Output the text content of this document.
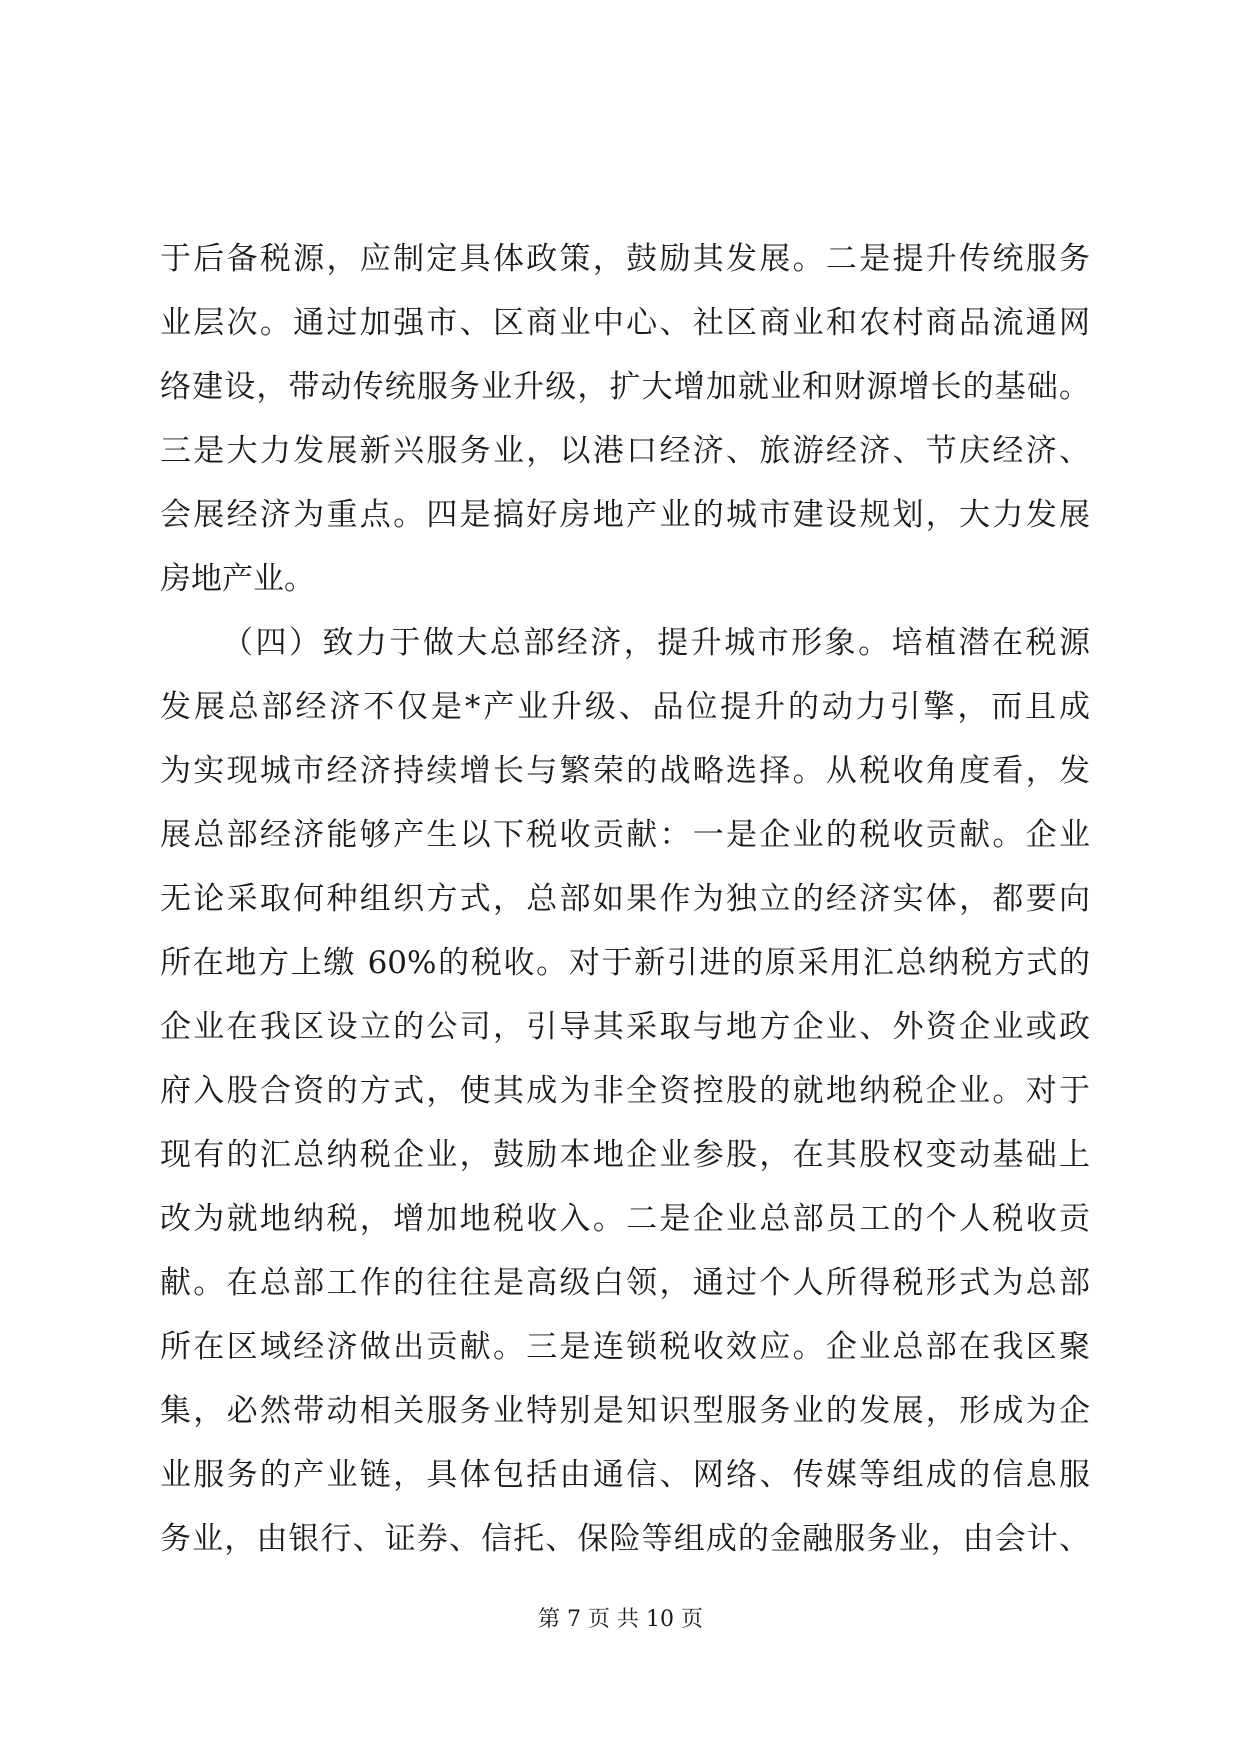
于后备税源，应制定具体政策，鼓励其发展。二是提升传统服务
业层次。通过加强市、区商业中心、社区商业和农村商品流通网
络建设，带动传统服务业升级，扩大增加就业和财源增长的基础。
三是大力发展新兴服务业，以港口经济、旅游经济、节庆经济、
会展经济为重点。四是搞好房地产业的城市建设规划，大力发展
房地产业。
（四）致力于做大总部经济，提升城市形象。培植潜在税源
发展总部经济不仅是*产业升级、品位提升的动力引擎，而且成
为实现城市经济持续增长与繁荣的战略选择。从税收角度看，发
展总部经济能够产生以下税收贡献：一是企业的税收贡献。企业
无论采取何种组织方式，总部如果作为独立的经济实体，都要向
所在地方上缴 60%的税收。对于新引进的原采用汇总纳税方式的
企业在我区设立的公司，引导其采取与地方企业、外资企业或政
府入股合资的方式，使其成为非全资控股的就地纳税企业。对于
现有的汇总纳税企业，鼓励本地企业参股，在其股权变动基础上
改为就地纳税，增加地税收入。二是企业总部员工的个人税收贡
献。在总部工作的往往是高级白领，通过个人所得税形式为总部
所在区域经济做出贡献。三是连锁税收效应。企业总部在我区聚
集，必然带动相关服务业特别是知识型服务业的发展，形成为企
业服务的产业链，具体包括由通信、网络、传媒等组成的信息服
务业，由银行、证券、信托、保险等组成的金融服务业，由会计、
第 7 页 共 10 页
